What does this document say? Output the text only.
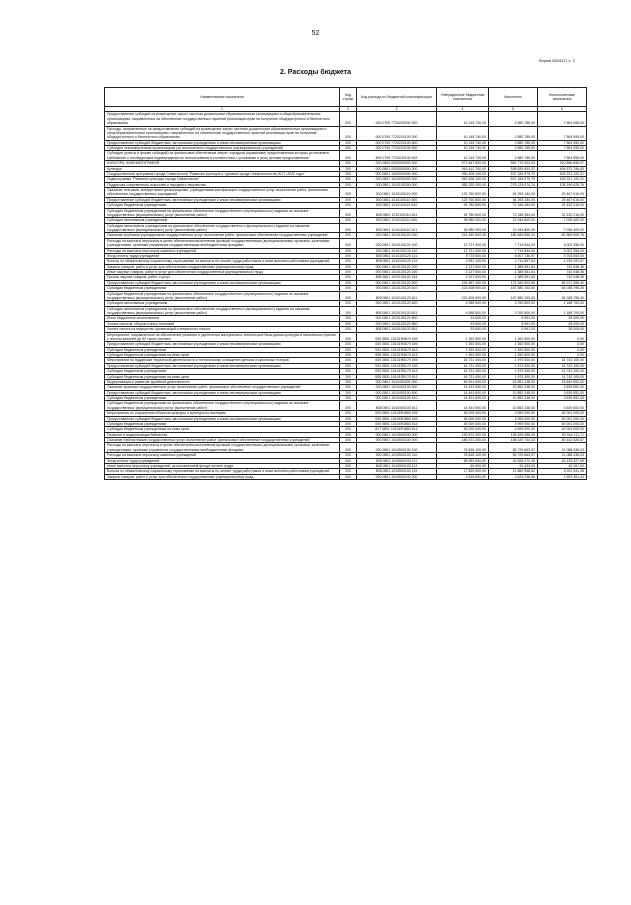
52
Форма 0503117 с. 2
2. Расходы бюджета
Наименование показателя	Код строки	Код расхода по бюджетной классификации	Утвержденные бюджетные назначения	Исполнено	Неисполненные назначения
1	2	3	4	5	6
Предоставление субсидий на возмещение затрат частным дошкольным образовательным организациям и общеобразовательным организациям, направленных на обеспечение государственных гарантий реализации прав на получение общедоступного и бесплатного образования	200	000 0709 7720200000 000	10 145 740,00	2 580 785,00	7 564 955,00
Расходы, направленные на предоставление субсидий на возмещение затрат частным дошкольным образовательным организациям и общеобразовательным организациям, направленных на обеспечение государственных гарантий реализации прав на получение общедоступного и бесплатного образования	200	000 0709 7720220100 000	10 145 740,00	2 580 785,00	7 564 955,00
Предоставление субсидий бюджетным, автономным учреждениям и иным некоммерческим организациям	200	000 0709 7720220100 600	10 145 740,00	2 580 785,00	7 564 955,00
Субсидии некоммерческим организациям (за исключением государственных (муниципальных) учреждений)	200	000 0709 7720220100 630	10 145 740,00	2 580 785,00	7 564 955,00
Субсидии (гранты в форме субсидий) на финансовое обеспечение затрат, порядком (правилами) предоставления которых установлено требование о последующем подтверждении их использования в соответствии с условиями и (или) целями предоставления	200	809 0709 7720220100 632	10 145 740,00	2 580 785,00	7 564 955,00
КУЛЬТУРА, КИНЕМАТОГРАФИЯ	200	000 0800 0000000000 000	973 667 800,00	562 770 903,03	410 896 896,97
Культура	200	000 0801 0000000000 000	943 412 700,00	538 839 903,37	404 572 796,63
Государственная программа города Севастополя "Развитие культуры и туризма города Севастополя на 2017–2022 годы"	200	000 0801 1000000000 000	940 406 100,00	537 184 979,79	403 221 120,21
Подпрограмма "Развитие культуры города Севастополя"	200	000 0801 1010000000 000	940 406 100,00	537 184 979,79	403 221 120,21
Поддержка современного искусства и народного творчества	200	000 0801 1010100000 000	383 325 200,00	278 125 574,24	105 199 625,76
Оказание театрами, концертными организациями, учреждениями кинофикации государственных услуг, выполнение работ, финансовое обеспечение государственных учреждений	200	000 0801 1010100110 000	123 760 800,00	94 293 184,00	29 467 616,00
Предоставление субсидий бюджетным, автономным учреждениям и иным некоммерческим организациям	200	000 0801 1010100110 600	123 760 800,00	94 293 184,00	29 467 616,00
Субсидии бюджетным учреждениям	200	000 0801 1010100110 610	94 780 600,00	72 348 384,00	22 432 216,00
Субсидии бюджетным учреждениям на финансовое обеспечение государственного (муниципального) задания на оказание государственных (муниципальных) услуг (выполнение работ)	200	808 0801 1010100110 611	94 780 600,00	72 348 384,00	22 432 216,00
Субсидии автономным учреждениям	200	000 0801 1010100110 620	28 980 200,00	21 944 800,00	7 035 400,00
Субсидии автономным учреждениям на финансовое обеспечение государственного (муниципального) задания на оказание государственных (муниципальных) услуг (выполнение работ)	200	808 0801 1010100110 621	28 980 200,00	21 944 800,00	7 035 400,00
Оказание клубными учреждениями государственных услуг, выполнение работ, финансовое обеспечение государственных учреждений	200	000 0801 1010100120 000	241 450 500,00	180 460 590,24	60 989 909,76
Расходы на выплаты персоналу в целях обеспечения выполнения функций государственными (муниципальными) органами, казенными учреждениями, органами управления государственными внебюджетными фондами	200	000 0801 1010100120 100	12 721 900,00	7 719 544,00	5 002 356,00
Расходы на выплаты персоналу казенных учреждений	200	000 0801 1010100120 110	12 721 900,00	7 719 544,00	5 002 356,00
Фонд оплаты труда учреждений	200	808 0801 1010100120 111	9 770 600,00	6 007 736,97	3 763 063,03
Взносы по обязательному социальному страхованию на выплаты по оплате труда работников и иные выплаты работникам учреждений	200	808 0801 1010100120 119	2 951 100,00	1 711 807,03	1 239 292,97
Закупка товаров, работ и услуг для обеспечения государственных (муниципальных) нужд	200	000 0801 1010100120 200	2 127 600,00	1 385 551,64	742 048,36
Иные закупки товаров, работ и услуг для обеспечения государственных (муниципальных) нужд	200	000 0801 1010100120 240	2 127 600,00	1 385 551,64	742 048,36
Прочая закупка товаров, работ и услуг	200	808 0801 1010100120 244	2 127 600,00	1 385 551,64	742 048,36
Предоставление субсидий бюджетным, автономным учреждениям и иным некоммерческим организациям	200	000 0801 1010100120 600	226 567 400,00	171 349 903,60	55 217 496,40
Субсидии бюджетным учреждениям	200	000 0801 1010100120 610	221 608 900,00	167 580 103,60	54 028 796,40
Субсидии бюджетным учреждениям на финансовое обеспечение государственного (муниципального) задания на оказание государственных (муниципальных) услуг (выполнение работ)	200	808 0801 1010100120 611	221 608 900,00	167 580 103,60	54 028 796,40
Субсидии автономным учреждениям	200	000 0801 1010100120 620	4 958 500,00	3 769 800,00	1 188 700,00
Субсидии автономным учреждениям на финансовое обеспечение государственного (муниципального) задания на оказание государственных (муниципальных) услуг (выполнение работ)	200	808 0801 1010100120 621	4 958 500,00	3 769 800,00	1 188 700,00
Иные бюджетные ассигнования	200	000 0801 1010100120 800	33 600,00	5 591,00	28 009,00
Уплата налогов, сборов и иных платежей	200	000 0801 1010100120 850	33 600,00	5 591,00	28 009,00
Уплата налога на имущество организаций и земельного налога	200	808 0801 1010100120 851	33 600,00	5 591,00	28 009,00
Мероприятия, направленные на обеспечение развития и укрепления материально-технической базы домов культуры в населенных пунктах с числом жителей до 50 тысяч человек	200	000 0801 10101R4670 000	1 392 500,00	1 392 500,00	0,00
Предоставление субсидий бюджетным, автономным учреждениям и иным некоммерческим организациям	200	000 0801 10101R4670 600	1 392 500,00	1 392 500,00	0,00
Субсидии бюджетным учреждениям	200	000 0801 10101R4670 610	1 392 500,00	1 392 500,00	0,00
Субсидии бюджетным учреждениям на иные цели	200	808 0801 10101R4670 612	1 392 500,00	1 392 500,00	0,00
Мероприятия по поддержке творческой деятельности и техническому оснащению детских и кукольных театров	200	000 0801 10101R5170 000	16 721 400,00	1 979 300,00	14 742 100,00
Предоставление субсидий бюджетным, автономным учреждениям и иным некоммерческим организациям	200	000 0801 10101R5170 600	16 721 400,00	1 979 300,00	14 742 100,00
Субсидии бюджетным учреждениям	200	000 0801 10101R5170 610	16 721 400,00	1 979 300,00	14 742 100,00
Субсидии бюджетным учреждениям на иные цели	200	808 0801 10101R5170 612	16 721 400,00	1 979 300,00	14 742 100,00
Модернизация и развитие музейной деятельности	200	000 0801 1010400000 000	59 491 600,00	15 851 248,00	43 640 552,00
Оказание музеями государственных услуг, выполнение работ, финансовое обеспечение государственных учреждений	200	000 0801 1010400100 000	14 491 600,00	10 852 248,00	3 639 552,00
Предоставление субсидий бюджетным, автономным учреждениям и иным некоммерческим организациям	200	000 0801 1010400100 600	14 491 600,00	10 852 248,00	3 639 552,00
Субсидии бюджетным учреждениям	200	000 0801 1010400100 610	14 491 600,00	10 852 248,00	3 639 552,00
Субсидии бюджетным учреждениям на финансовое обеспечение государственного (муниципального) задания на оказание государственных (муниципальных) услуг (выполнение работ)	200	808 0801 1010400100 611	14 491 600,00	10 852 248,00	3 639 552,00
Мероприятия по сохранению объектов культуры и культурного наследия	200	000 0801 10104R1860 000	45 000 000,00	4 999 000,00	40 001 000,00
Предоставление субсидий бюджетным, автономным учреждениям и иным некоммерческим организациям	200	000 0801 10104R1860 600	45 000 000,00	4 999 000,00	40 001 000,00
Субсидии бюджетным учреждениям	200	000 0801 10104R1860 610	45 000 000,00	4 999 000,00	40 001 000,00
Субсидии бюджетным учреждениям на иные цели	200	817 0801 10104R1860 612	45 000 000,00	4 999 000,00	40 001 000,00
Развитие и модернизация библиотек	200	000 0801 1010500000 000	190 870 200,00	139 925 988,29	50 944 211,71
Оказание библиотеками государственных услуг, выполнение работ, финансовое обеспечение государственных учреждений	200	000 0801 1010500100 000	186 572 260,00	138 429 733,33	50 142 526,67
Расходы на выплаты персоналу в целях обеспечения выполнения функций государственными (муниципальными) органами, казенными учреждениями, органами управления государственными внебюджетными фондами	200	000 0801 1010500100 100	76 818 100,00	55 729 663,97	21 088 436,03
Расходы на выплаты персоналу казенных учреждений	200	000 0801 1010500100 110	76 818 100,00	55 729 663,97	21 088 436,03
Фонд оплаты труда учреждений	200	808 0801 1010500100 111	58 953 600,00	42 828 272,35	16 125 327,65
Иные выплаты персоналу учреждений, за исключением фонда оплаты труда	200	808 0801 1010500100 112	60 600,00	20 433,00	40 167,00
Взносы по обязательному социальному страхованию на выплаты по оплате труда работников и иные выплаты работникам учреждений	200	808 0801 1010500100 119	17 803 900,00	12 880 958,62	4 922 941,38
Закупка товаров, работ и услуг для обеспечения государственных (муниципальных) нужд	200	000 0801 1010500100 200	4 518 600,00	2 825 238,56	1 693 361,44
